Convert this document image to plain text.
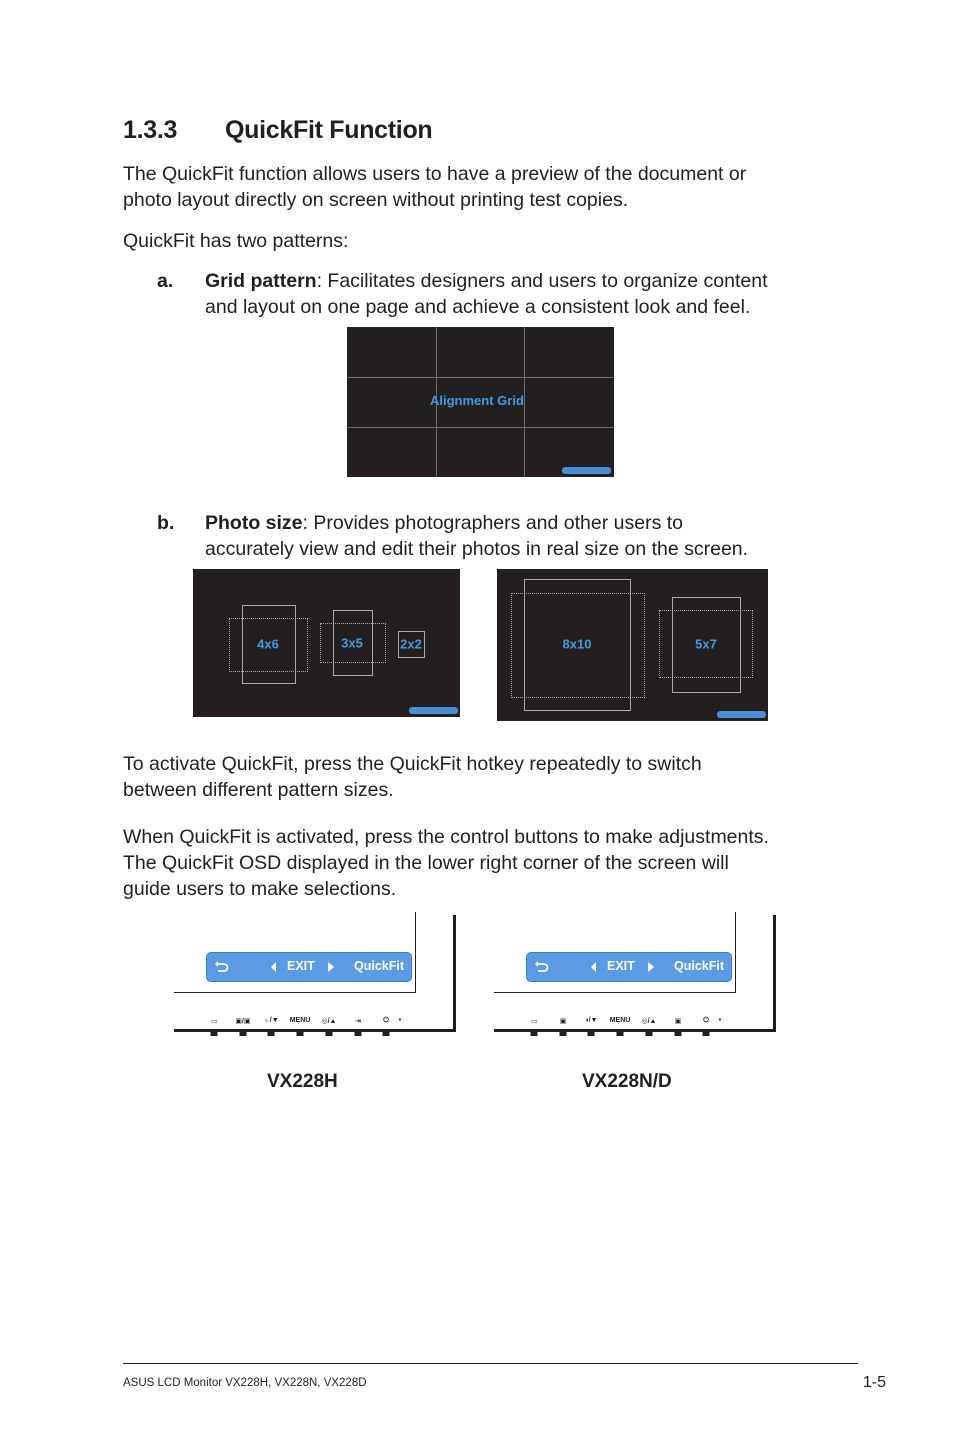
1.3.3 QuickFit Function
The QuickFit function allows users to have a preview of the document or
photo layout directly on screen without printing test copies.
QuickFit has two patterns:
a. Grid pattern: Facilitates designers and users to organize content
and layout on one page and achieve a consistent look and feel.
Alignment Grid
b. Photo size: Provides photographers and other users to
accurately view and edit their photos in real size on the screen.
4x6	3x5	2x2	8x10	5x7
To activate QuickFit, press the QuickFit hotkey repeatedly to switch
between different pattern sizes.
When QuickFit is activated, press the control buttons to make adjustments.
The QuickFit OSD displayed in the lower right corner of the screen will
guide users to make selections.
EXIT	QuickFit
▭	▣/▣ ☼/▼ MENU ◎/▲	⇥	⏻ •
EXIT	QuickFit
▭	▣	◑/▼ MENU ◎/▲	▣	⏻ •
VX228H	VX228N/D
ASUS LCD Monitor VX228H, VX228N, VX228D	1-5
